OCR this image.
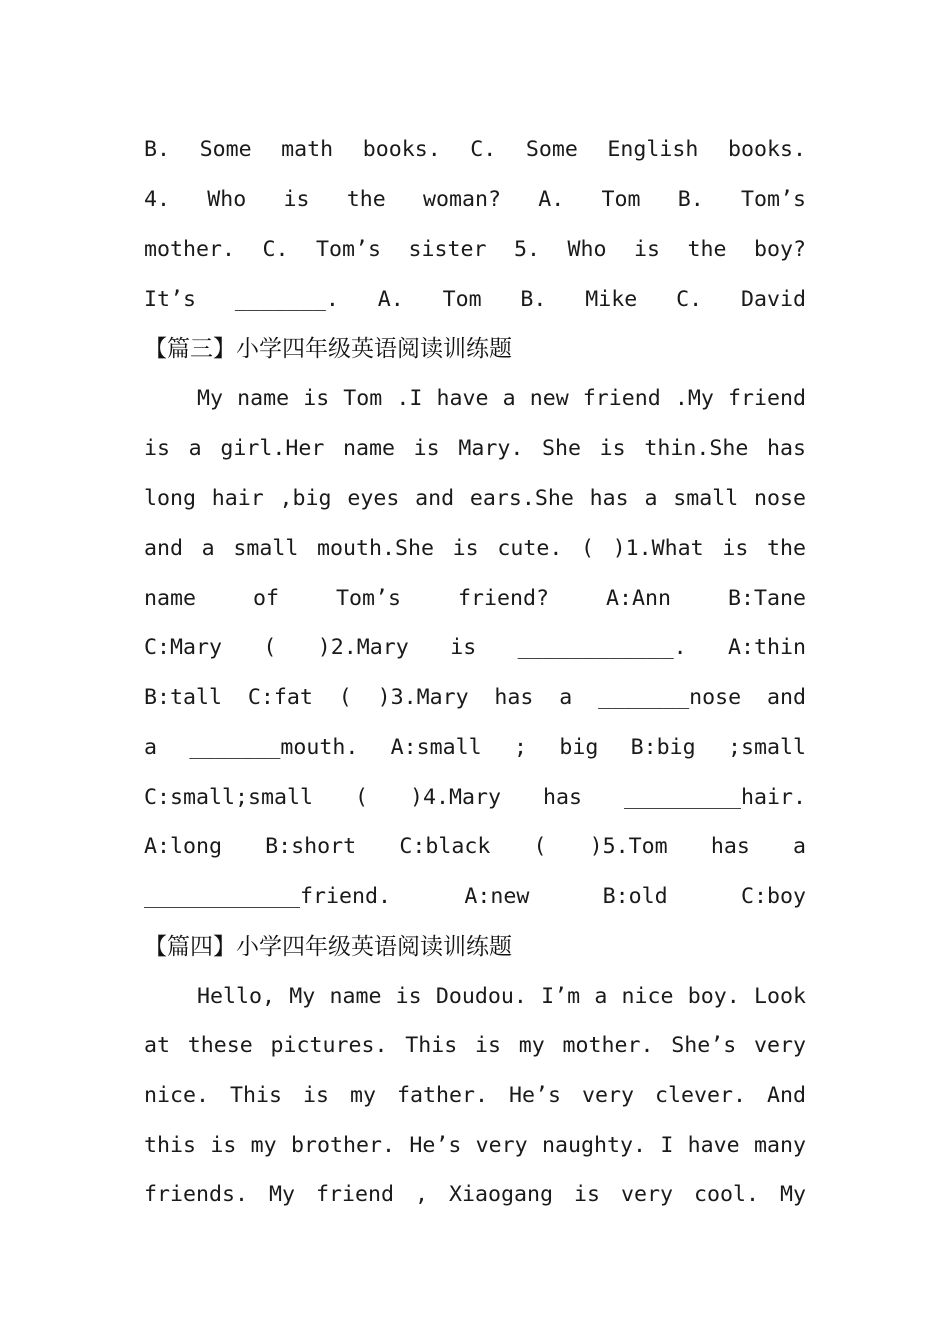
B. Some math books. C. Some English books.
4. Who is the woman? A. Tom B. Tom’s
mother. C. Tom’s sister 5. Who is the boy?
It’s _______. A. Tom B. Mike C. David
【篇三】小学四年级英语阅读训练题
My name is Tom .I have a new friend .My friend
is a girl.Her name is Mary. She is thin.She has
long hair ,big eyes and ears.She has a small nose
and a small mouth.She is cute. ( )1.What is the
name of Tom’s friend? A:Ann B:Tane
C:Mary ( )2.Mary is ____________. A:thin
B:tall C:fat ( )3.Mary has a _______nose and
a _______mouth. A:small ; big B:big ;small
C:small;small ( )4.Mary has _________hair.
A:long B:short C:black ( )5.Tom has a
____________friend. A:new B:old C:boy
【篇四】小学四年级英语阅读训练题
Hello, My name is Doudou. I’m a nice boy. Look
at these pictures. This is my mother. She’s very
nice. This is my father. He’s very clever. And
this is my brother. He’s very naughty. I have many
friends. My friend , Xiaogang is very cool. My
